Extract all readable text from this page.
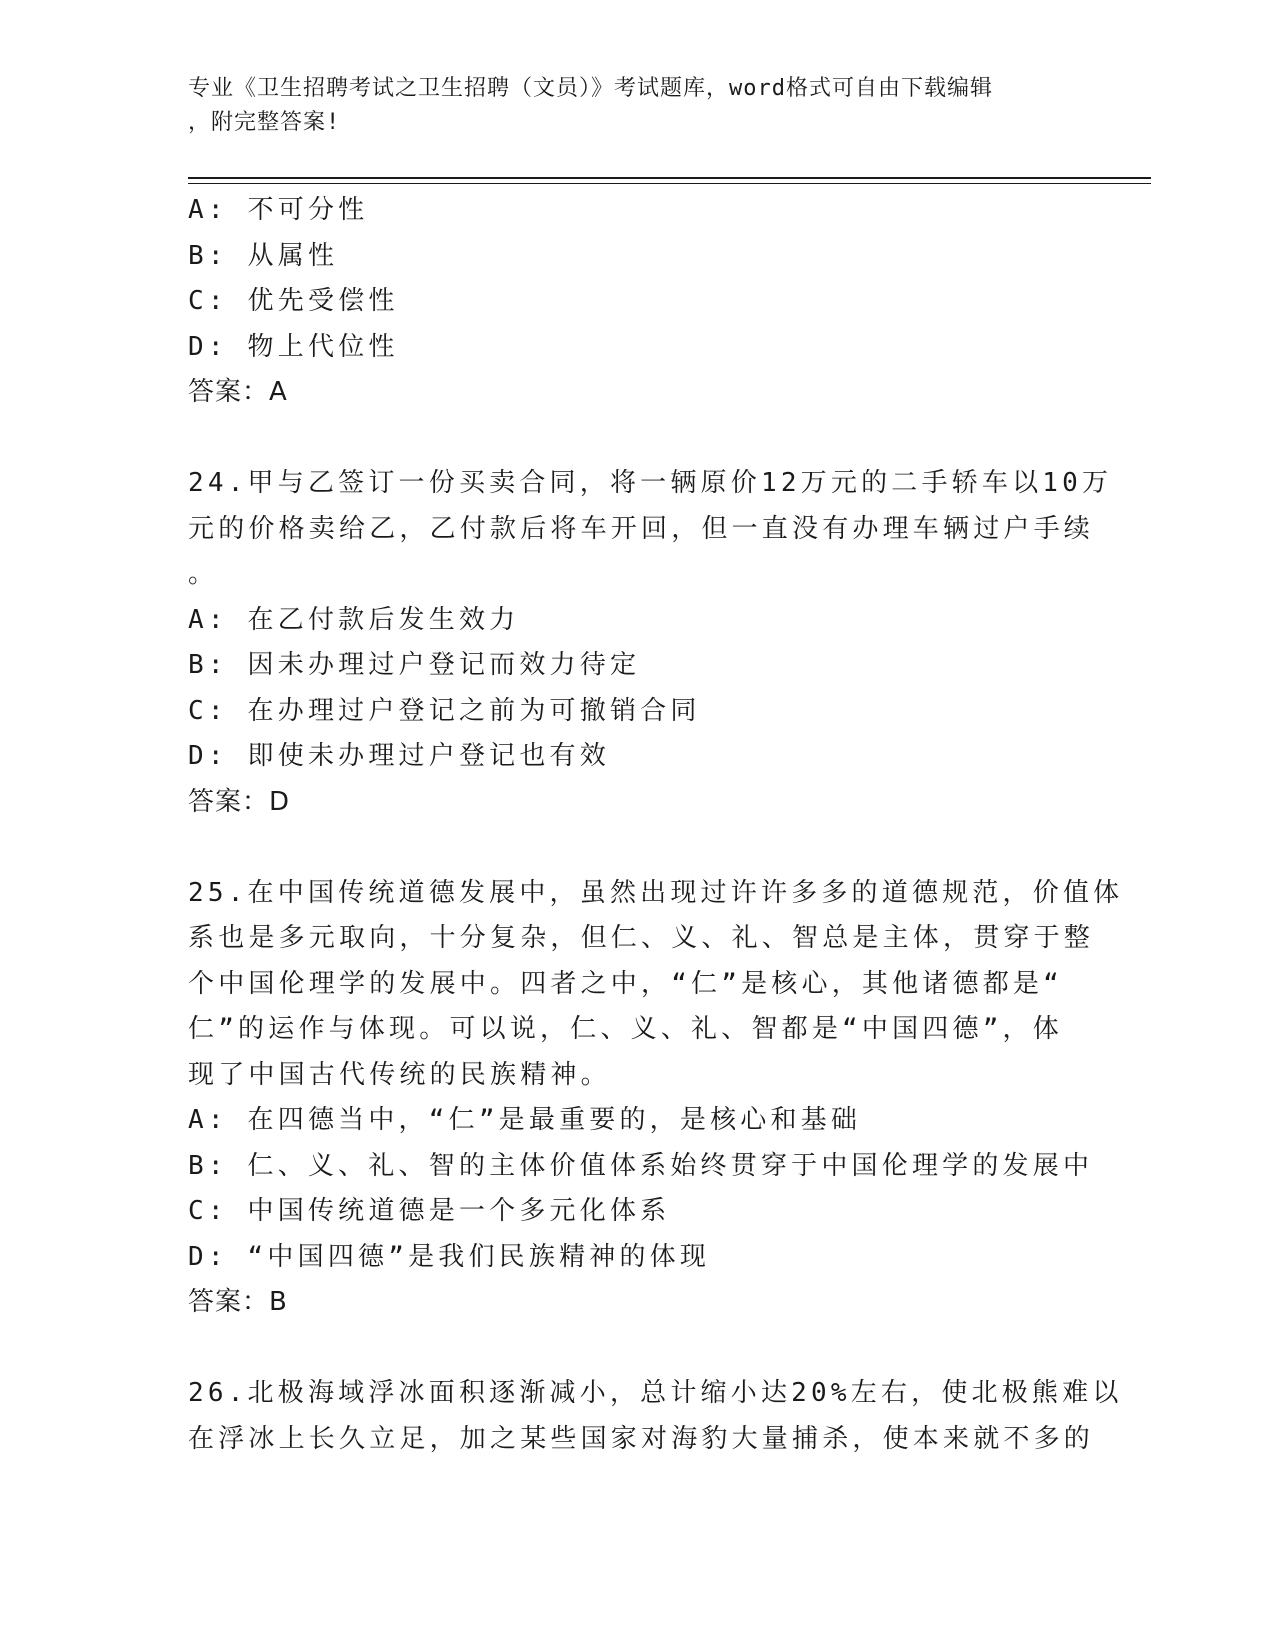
专业《卫生招聘考试之卫生招聘（文员）》考试题库，word格式可自由下载编辑
，附完整答案!
A: 不可分性
B: 从属性
C: 优先受偿性
D: 物上代位性
答案：A
24.甲与乙签订一份买卖合同，将一辆原价12万元的二手轿车以10万
元的价格卖给乙，乙付款后将车开回，但一直没有办理车辆过户手续
。
A: 在乙付款后发生效力
B: 因未办理过户登记而效力待定
C: 在办理过户登记之前为可撤销合同
D: 即使未办理过户登记也有效
答案：D
25.在中国传统道德发展中，虽然出现过许许多多的道德规范，价值体
系也是多元取向，十分复杂，但仁、义、礼、智总是主体，贯穿于整
个中国伦理学的发展中。四者之中，“仁”是核心，其他诸德都是“
仁”的运作与体现。可以说，仁、义、礼、智都是“中国四德”，体
现了中国古代传统的民族精神。
A: 在四德当中，“仁”是最重要的，是核心和基础
B: 仁、义、礼、智的主体价值体系始终贯穿于中国伦理学的发展中
C: 中国传统道德是一个多元化体系
D: “中国四德”是我们民族精神的体现
答案：B
26.北极海域浮冰面积逐渐减小，总计缩小达20%左右，使北极熊难以
在浮冰上长久立足，加之某些国家对海豹大量捕杀，使本来就不多的
